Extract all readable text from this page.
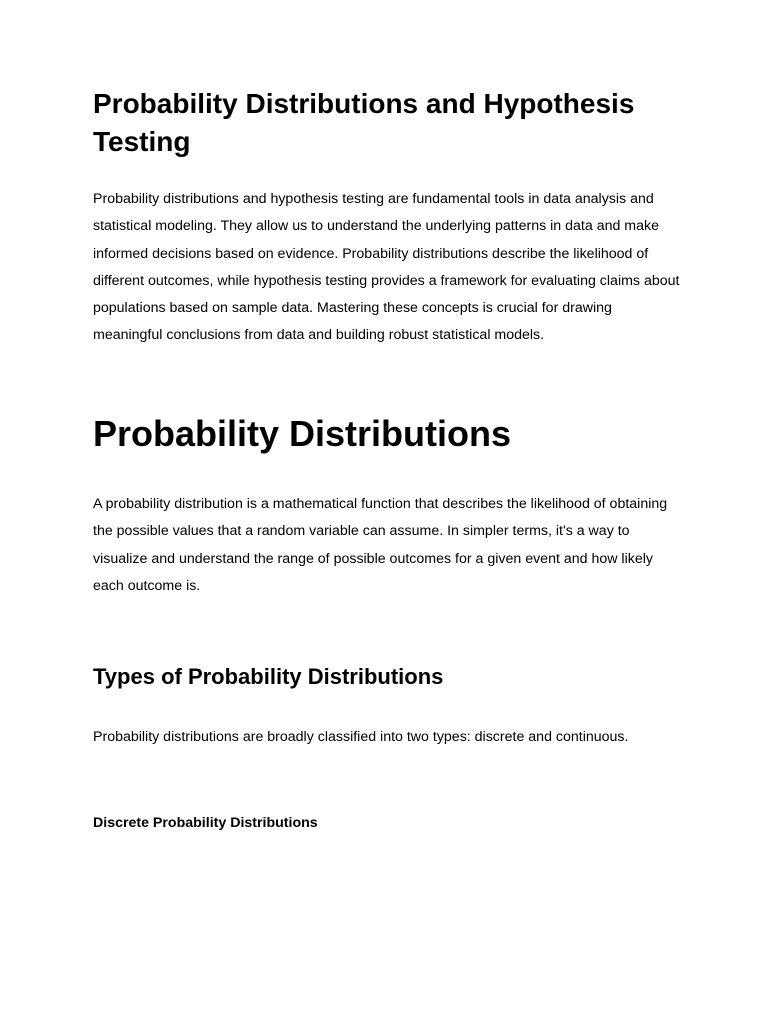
Probability Distributions and Hypothesis Testing

Probability distributions and hypothesis testing are fundamental tools in data analysis and statistical modeling. They allow us to understand the underlying patterns in data and make informed decisions based on evidence. Probability distributions describe the likelihood of different outcomes, while hypothesis testing provides a framework for evaluating claims about populations based on sample data. Mastering these concepts is crucial for drawing meaningful conclusions from data and building robust statistical models.

Probability Distributions

A probability distribution is a mathematical function that describes the likelihood of obtaining the possible values that a random variable can assume. In simpler terms, it's a way to visualize and understand the range of possible outcomes for a given event and how likely each outcome is.

Types of Probability Distributions

Probability distributions are broadly classified into two types: discrete and continuous.

Discrete Probability Distributions
